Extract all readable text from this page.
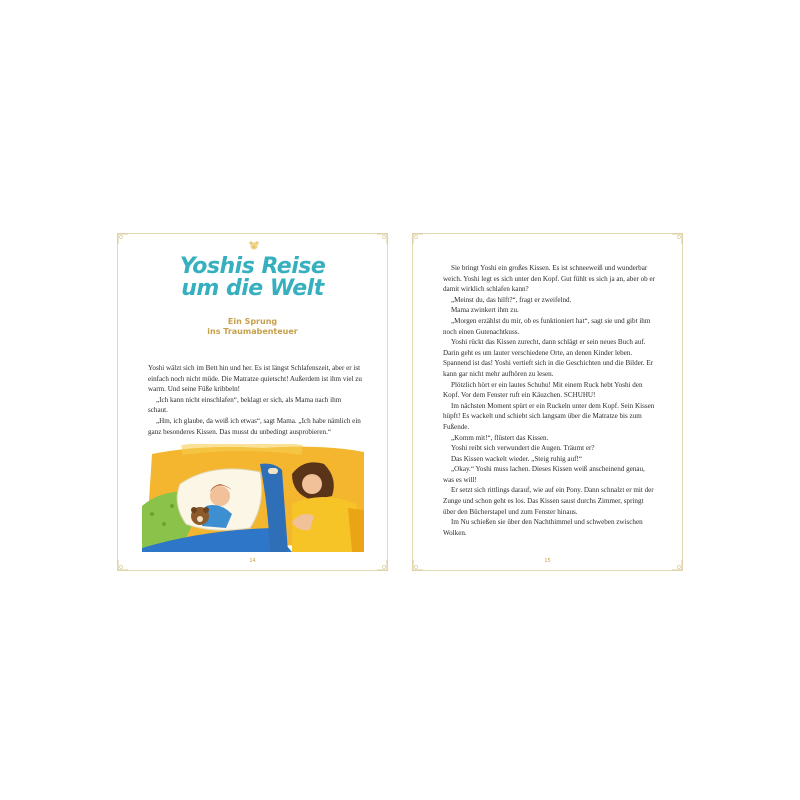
Yoshis Reise
um die Welt
Ein Sprung
ins Traumabenteuer

Yoshi wälzt sich im Bett hin und her. Es ist längst Schlafenszeit, aber er ist einfach noch nicht müde. Die Matratze quietscht! Außerdem ist ihm viel zu warm. Und seine Füße kribbeln!

„Ich kann nicht einschlafen“, beklagt er sich, als Mama nach ihm schaut.

„Hm, ich glaube, da weiß ich etwas“, sagt Mama. „Ich habe nämlich ein ganz besonderes Kissen. Das musst du unbedingt ausprobieren.“

14

Sie bringt Yoshi ein großes Kissen. Es ist schneeweiß und wunderbar weich. Yoshi legt es sich unter den Kopf. Gut fühlt es sich ja an, aber ob er damit wirklich schlafen kann?

„Meinst du, das hilft?“, fragt er zweifelnd.

Mama zwinkert ihm zu.

„Morgen erzählst du mir, ob es funktioniert hat“, sagt sie und gibt ihm noch einen Gutenachtkuss.

Yoshi rückt das Kissen zurecht, dann schlägt er sein neues Buch auf. Darin geht es um lauter verschiedene Orte, an denen Kinder leben. Spannend ist das! Yoshi vertieft sich in die Geschichten und die Bilder. Er kann gar nicht mehr aufhören zu lesen.

Plötzlich hört er ein lautes Schuhu! Mit einem Ruck hebt Yoshi den Kopf. Vor dem Fenster ruft ein Käuzchen. SCHUHU!

Im nächsten Moment spürt er ein Ruckeln unter dem Kopf. Sein Kissen hüpft! Es wackelt und schiebt sich langsam über die Matratze bis zum Fußende.

„Komm mit!“, flüstert das Kissen.

Yoshi reibt sich verwundert die Augen. Träumt er?

Das Kissen wackelt wieder. „Steig ruhig auf!“

„Okay.“ Yoshi muss lachen. Dieses Kissen weiß anscheinend genau, was es will!

Er setzt sich rittlings darauf, wie auf ein Pony. Dann schnalzt er mit der Zunge und schon geht es los. Das Kissen saust durchs Zimmer, springt über den Bücherstapel und zum Fenster hinaus.

Im Nu schießen sie über den Nachthimmel und schweben zwischen Wolken.

15
